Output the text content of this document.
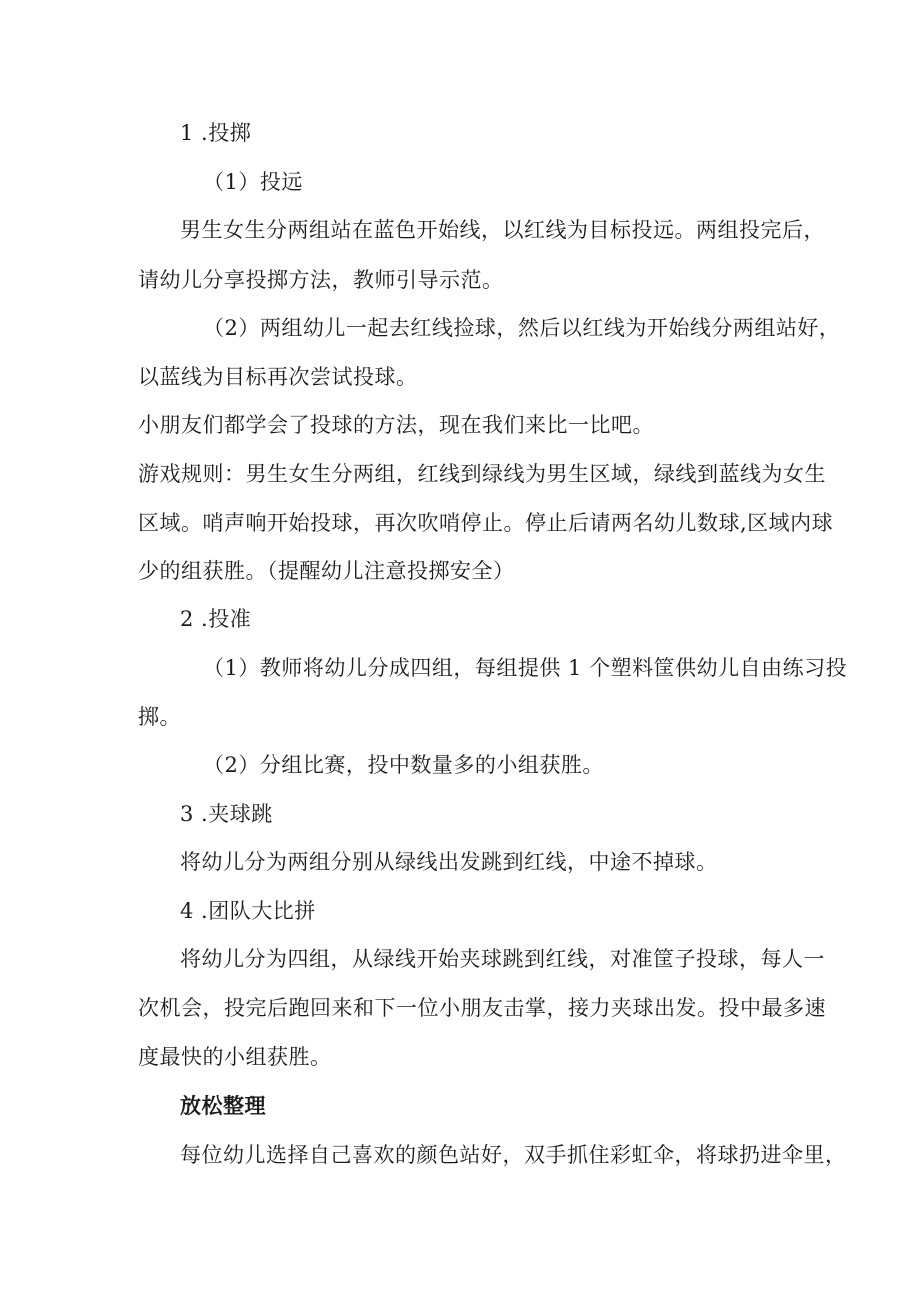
1 .投掷
（1）投远
男生女生分两组站在蓝色开始线，以红线为目标投远。两组投完后，
请幼儿分享投掷方法，教师引导示范。
（2）两组幼儿一起去红线捡球，然后以红线为开始线分两组站好，
以蓝线为目标再次尝试投球。
小朋友们都学会了投球的方法，现在我们来比一比吧。
游戏规则：男生女生分两组，红线到绿线为男生区域，绿线到蓝线为女生
区域。哨声响开始投球，再次吹哨停止。停止后请两名幼儿数球,区域内球
少的组获胜。（提醒幼儿注意投掷安全）
2 .投准
（1）教师将幼儿分成四组，每组提供 1 个塑料筐供幼儿自由练习投
掷。
（2）分组比赛，投中数量多的小组获胜。
3 .夹球跳
将幼儿分为两组分别从绿线出发跳到红线，中途不掉球。
4 .团队大比拼
将幼儿分为四组，从绿线开始夹球跳到红线，对准筐子投球，每人一
次机会，投完后跑回来和下一位小朋友击掌，接力夹球出发。投中最多速
度最快的小组获胜。
放松整理
每位幼儿选择自己喜欢的颜色站好，双手抓住彩虹伞，将球扔进伞里，
